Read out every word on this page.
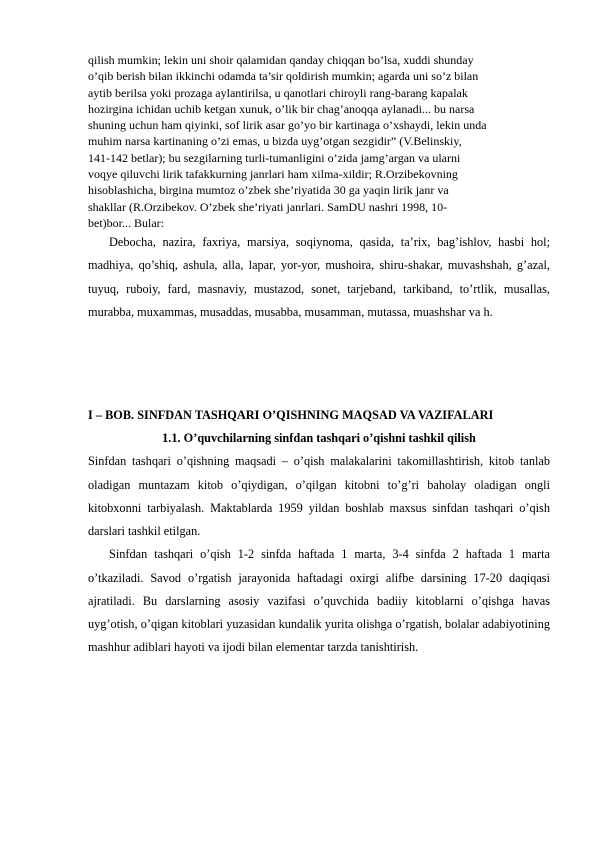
qilish mumkin; lekin uni shoir qalamidan qanday chiqqan bo’lsa, xuddi shunday
o’qib berish bilan ikkinchi odamda ta’sir qoldirish mumkin; agarda uni so’z bilan
aytib berilsa yoki prozaga aylantirilsa, u qanotlari chiroyli rang-barang kapalak
hozirgina ichidan uchib ketgan xunuk, o’lik bir chag’anoqqa aylanadi... bu narsa
shuning uchun ham qiyinki, sof lirik asar go’yo bir kartinaga o’xshaydi, lekin unda
muhim narsa kartinaning o’zi emas, u bizda uyg’otgan sezgidir” (V.Belinskiy,
141-142 betlar); bu sezgilarning turli-tumanligini o’zida jamg’argan va ularni
voqye qiluvchi lirik tafakkurning janrlari ham xilma-xildir; R.Orzibekovning
hisoblashicha, birgina mumtoz o’zbek she’riyatida 30 ga yaqin lirik janr va
shakllar (R.Orzibekov. O’zbek she’riyati janrlari. SamDU nashri 1998, 10-
bet)bor... Bular:

Debocha, nazira, faxriya, marsiya, soqiynoma, qasida, ta’rix, bag’ishlov, hasbi hol; madhiya, qo’shiq, ashula, alla, lapar, yor-yor, mushoira, shiru-shakar, muvashshah, g’azal, tuyuq, ruboiy, fard, masnaviy, mustazod, sonet, tarjeband, tarkiband, to’rtlik, musallas, murabba, muxammas, musaddas, musabba, musamman, mutassa, muashshar va h.

I – BOB. SINFDAN TASHQARI O’QISHNING MAQSAD VA VAZIFALARI

1.1. O’quvchilarning sinfdan tashqari o’qishni tashkil qilish

Sinfdan tashqari o’qishning maqsadi – o’qish malakalarini takomillashtirish, kitob tanlab oladigan muntazam kitob o’qiydigan, o’qilgan kitobni to’g’ri baholay oladigan ongli kitobxonni tarbiyalash. Maktablarda 1959 yildan boshlab maxsus sinfdan tashqari o’qish darslari tashkil etilgan.

Sinfdan tashqari o’qish 1-2 sinfda haftada 1 marta, 3-4 sinfda 2 haftada 1 marta o’tkaziladi. Savod o’rgatish jarayonida haftadagi oxirgi alifbe darsining 17-20 daqiqasi ajratiladi. Bu darslarning asosiy vazifasi o’quvchida badiiy kitoblarni o’qishga havas uyg’otish, o’qigan kitoblari yuzasidan kundalik yurita olishga o’rgatish, bolalar adabiyotining mashhur adiblari hayoti va ijodi bilan elementar tarzda tanishtirish.
